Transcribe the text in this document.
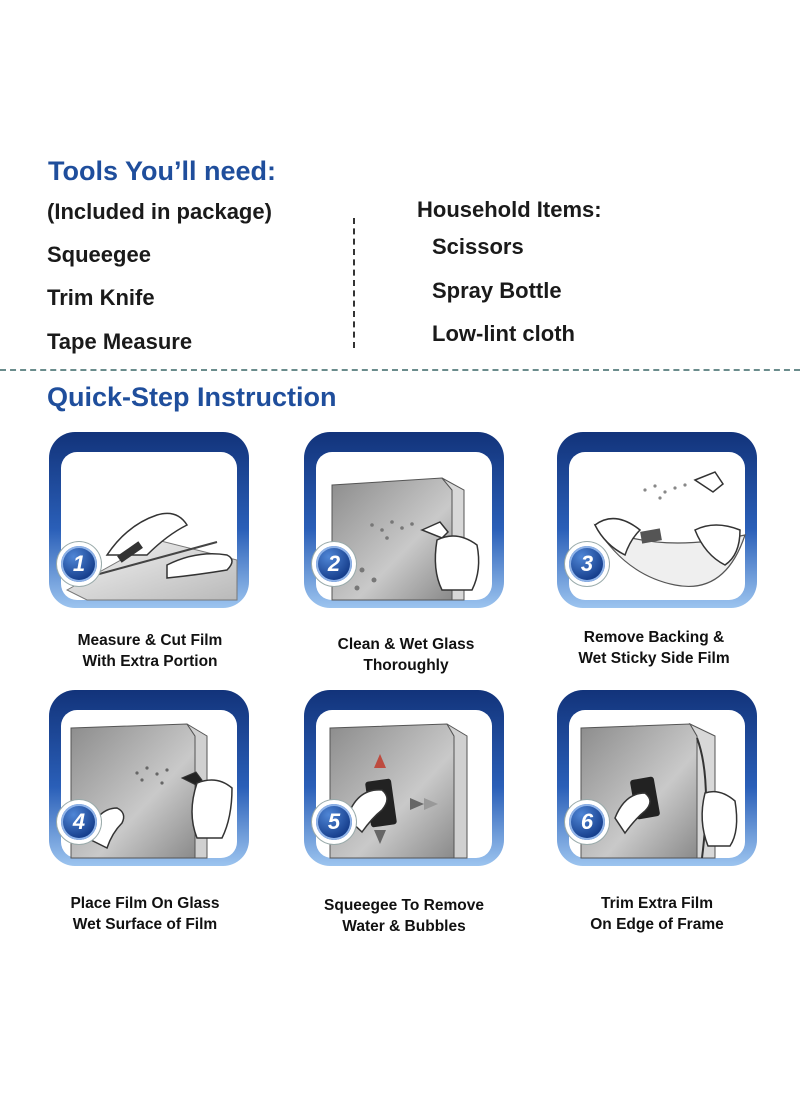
Tools You’ll need:
(Included in package)
Squeegee
Trim Knife
Tape Measure
Household Items:
Scissors
Spray Bottle
Low-lint cloth
Quick-Step Instruction
1
Measure & Cut Film
With Extra Portion
2
Clean & Wet Glass
Thoroughly
3
Remove Backing &
Wet Sticky Side Film
4
Place Film On Glass
Wet Surface of Film
5
Squeegee To Remove
Water & Bubbles
6
Trim Extra Film
On Edge of Frame
